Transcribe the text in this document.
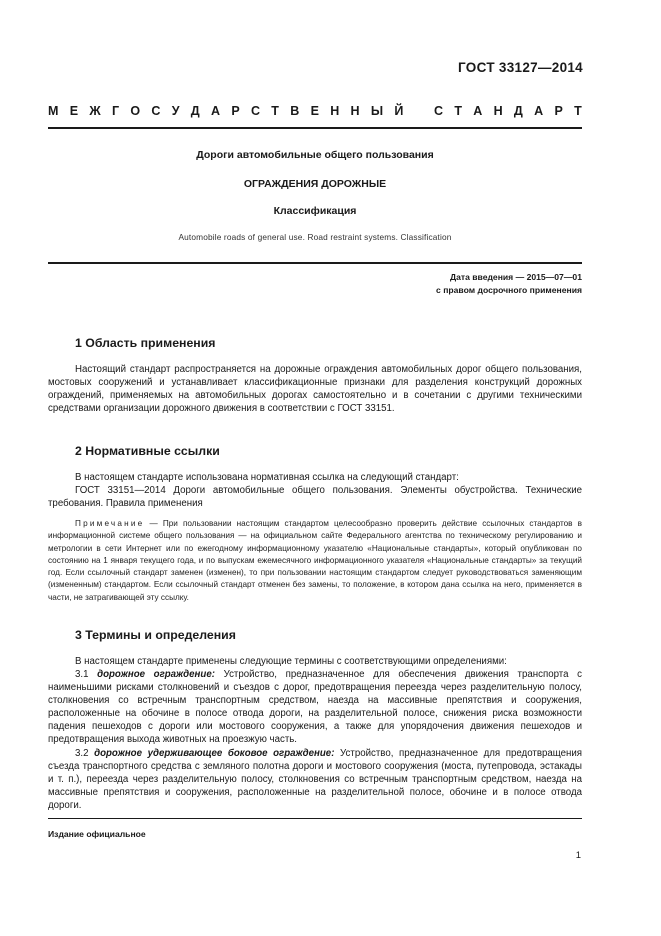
ГОСТ 33127—2014
М Е Ж Г О С У Д А Р С Т В Е Н Н Ы Й С Т А Н Д А Р Т
Дороги автомобильные общего пользования
ОГРАЖДЕНИЯ ДОРОЖНЫЕ
Классификация
Automobile roads of general use. Road restraint systems. Classification
Дата введения — 2015—07—01
с правом досрочного применения
1 Область применения

Настоящий стандарт распространяется на дорожные ограждения автомобильных дорог общего пользования, мостовых сооружений и устанавливает классификационные признаки для разделения конструкций дорожных ограждений, применяемых на автомобильных дорогах самостоятельно и в сочетании с другими техническими средствами организации дорожного движения в соответствии с ГОСТ 33151.

2 Нормативные ссылки

В настоящем стандарте использована нормативная ссылка на следующий стандарт:

ГОСТ 33151—2014 Дороги автомобильные общего пользования. Элементы обустройства. Технические требования. Правила применения

Примечание — При пользовании настоящим стандартом целесообразно проверить действие ссылочных стандартов в информационной системе общего пользования — на официальном сайте Федерального агентства по техническому регулированию и метрологии в сети Интернет или по ежегодному информационному указателю «Национальные стандарты», который опубликован по состоянию на 1 января текущего года, и по выпускам ежемесячного информационного указателя «Национальные стандарты» за текущий год. Если ссылочный стандарт заменен (изменен), то при пользовании настоящим стандартом следует руководствоваться заменяющим (измененным) стандартом. Если ссылочный стандарт отменен без замены, то положение, в котором дана ссылка на него, применяется в части, не затрагивающей эту ссылку.

3 Термины и определения

В настоящем стандарте применены следующие термины с соответствующими определениями:

3.1 дорожное ограждение: Устройство, предназначенное для обеспечения движения транспорта с наименьшими рисками столкновений и съездов с дорог, предотвращения переезда через разделительную полосу, столкновения со встречным транспортным средством, наезда на массивные препятствия и сооружения, расположенные на обочине в полосе отвода дороги, на разделительной полосе, снижения риска возможности падения пешеходов с дороги или мостового сооружения, а также для упорядочения движения пешеходов и предотвращения выхода животных на проезжую часть.

3.2 дорожное удерживающее боковое ограждение: Устройство, предназначенное для предотвращения съезда транспортного средства с земляного полотна дороги и мостового сооружения (моста, путепровода, эстакады и т. п.), переезда через разделительную полосу, столкновения со встречным транспортным средством, наезда на массивные препятствия и сооружения, расположенные на разделительной полосе, обочине и в полосе отвода дороги.

Издание официальное
1
